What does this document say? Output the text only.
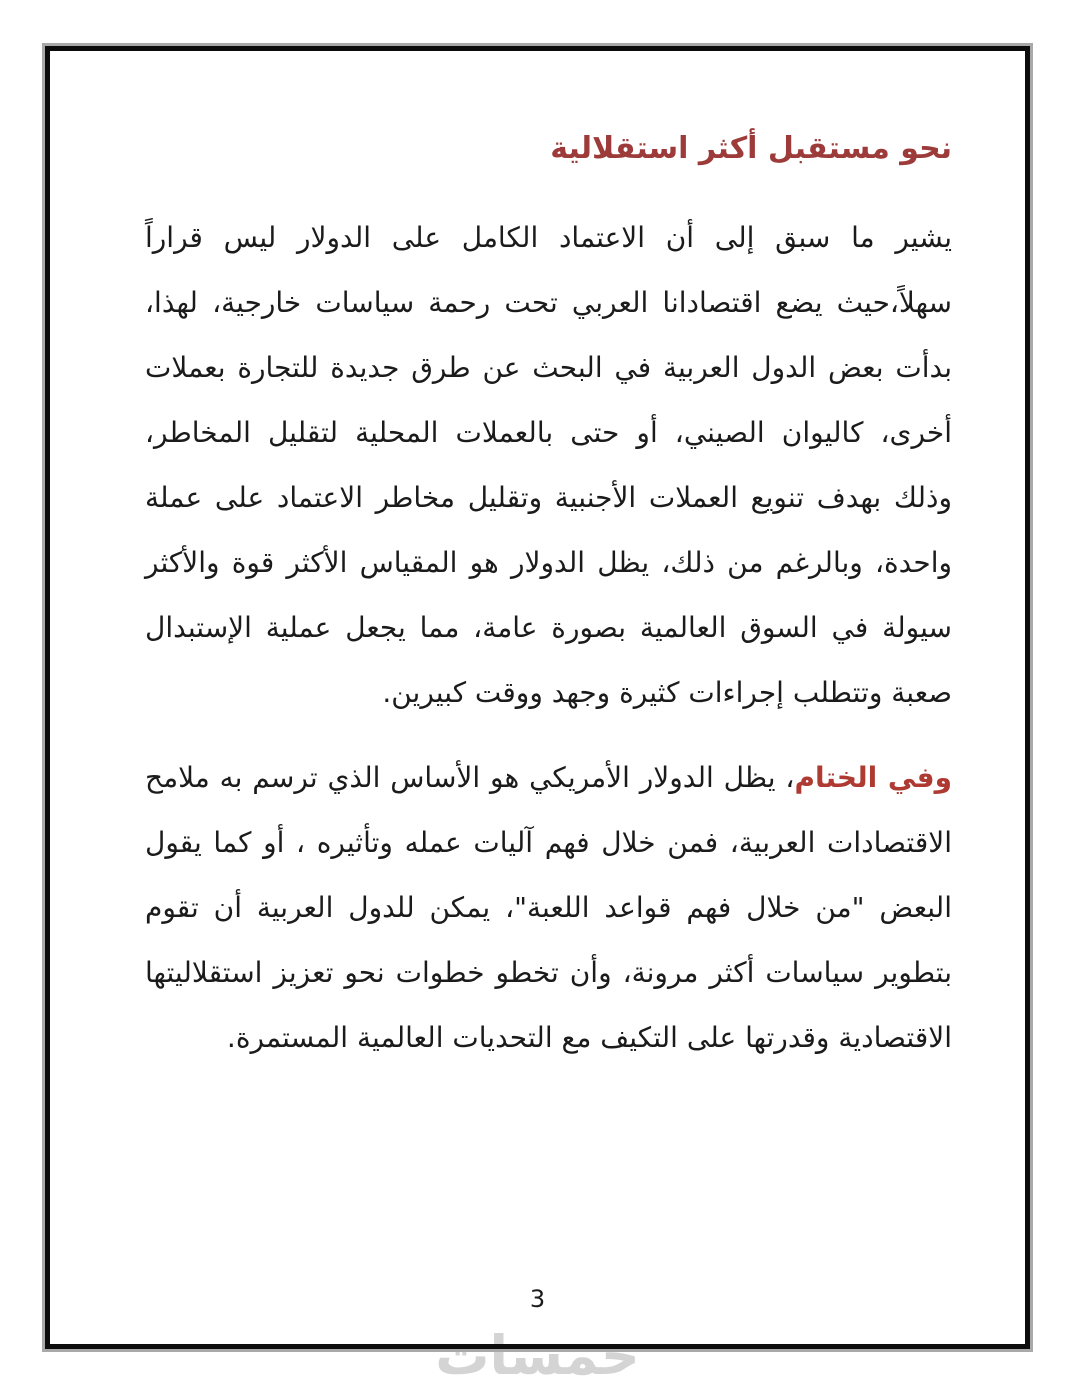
نحو مستقبل أكثر استقلالية

يشير ما سبق إلى أن الاعتماد الكامل على الدولار ليس قراراً سهلاً،حيث يضع اقتصادانا العربي تحت رحمة سياسات خارجية، لهذا، بدأت بعض الدول العربية في البحث عن طرق جديدة للتجارة بعملات أخرى، كاليوان الصيني، أو حتى بالعملات المحلية لتقليل المخاطر، وذلك بهدف تنويع العملات الأجنبية وتقليل مخاطر الاعتماد على عملة واحدة، وبالرغم من ذلك، يظل الدولار هو المقياس الأكثر قوة والأكثر سيولة في السوق العالمية بصورة عامة، مما يجعل عملية الإستبدال صعبة وتتطلب إجراءات كثيرة وجهد ووقت كبيرين.

وفي الختام، يظل الدولار الأمريكي هو الأساس الذي ترسم به ملامح الاقتصادات العربية، فمن خلال فهم آليات عمله وتأثيره ، أو كما يقول البعض "من خلال فهم قواعد اللعبة"، يمكن للدول العربية أن تقوم بتطوير سياسات أكثر مرونة، وأن تخطو خطوات نحو تعزيز استقلاليتها الاقتصادية وقدرتها على التكيف مع التحديات العالمية المستمرة.

3
خمسات
